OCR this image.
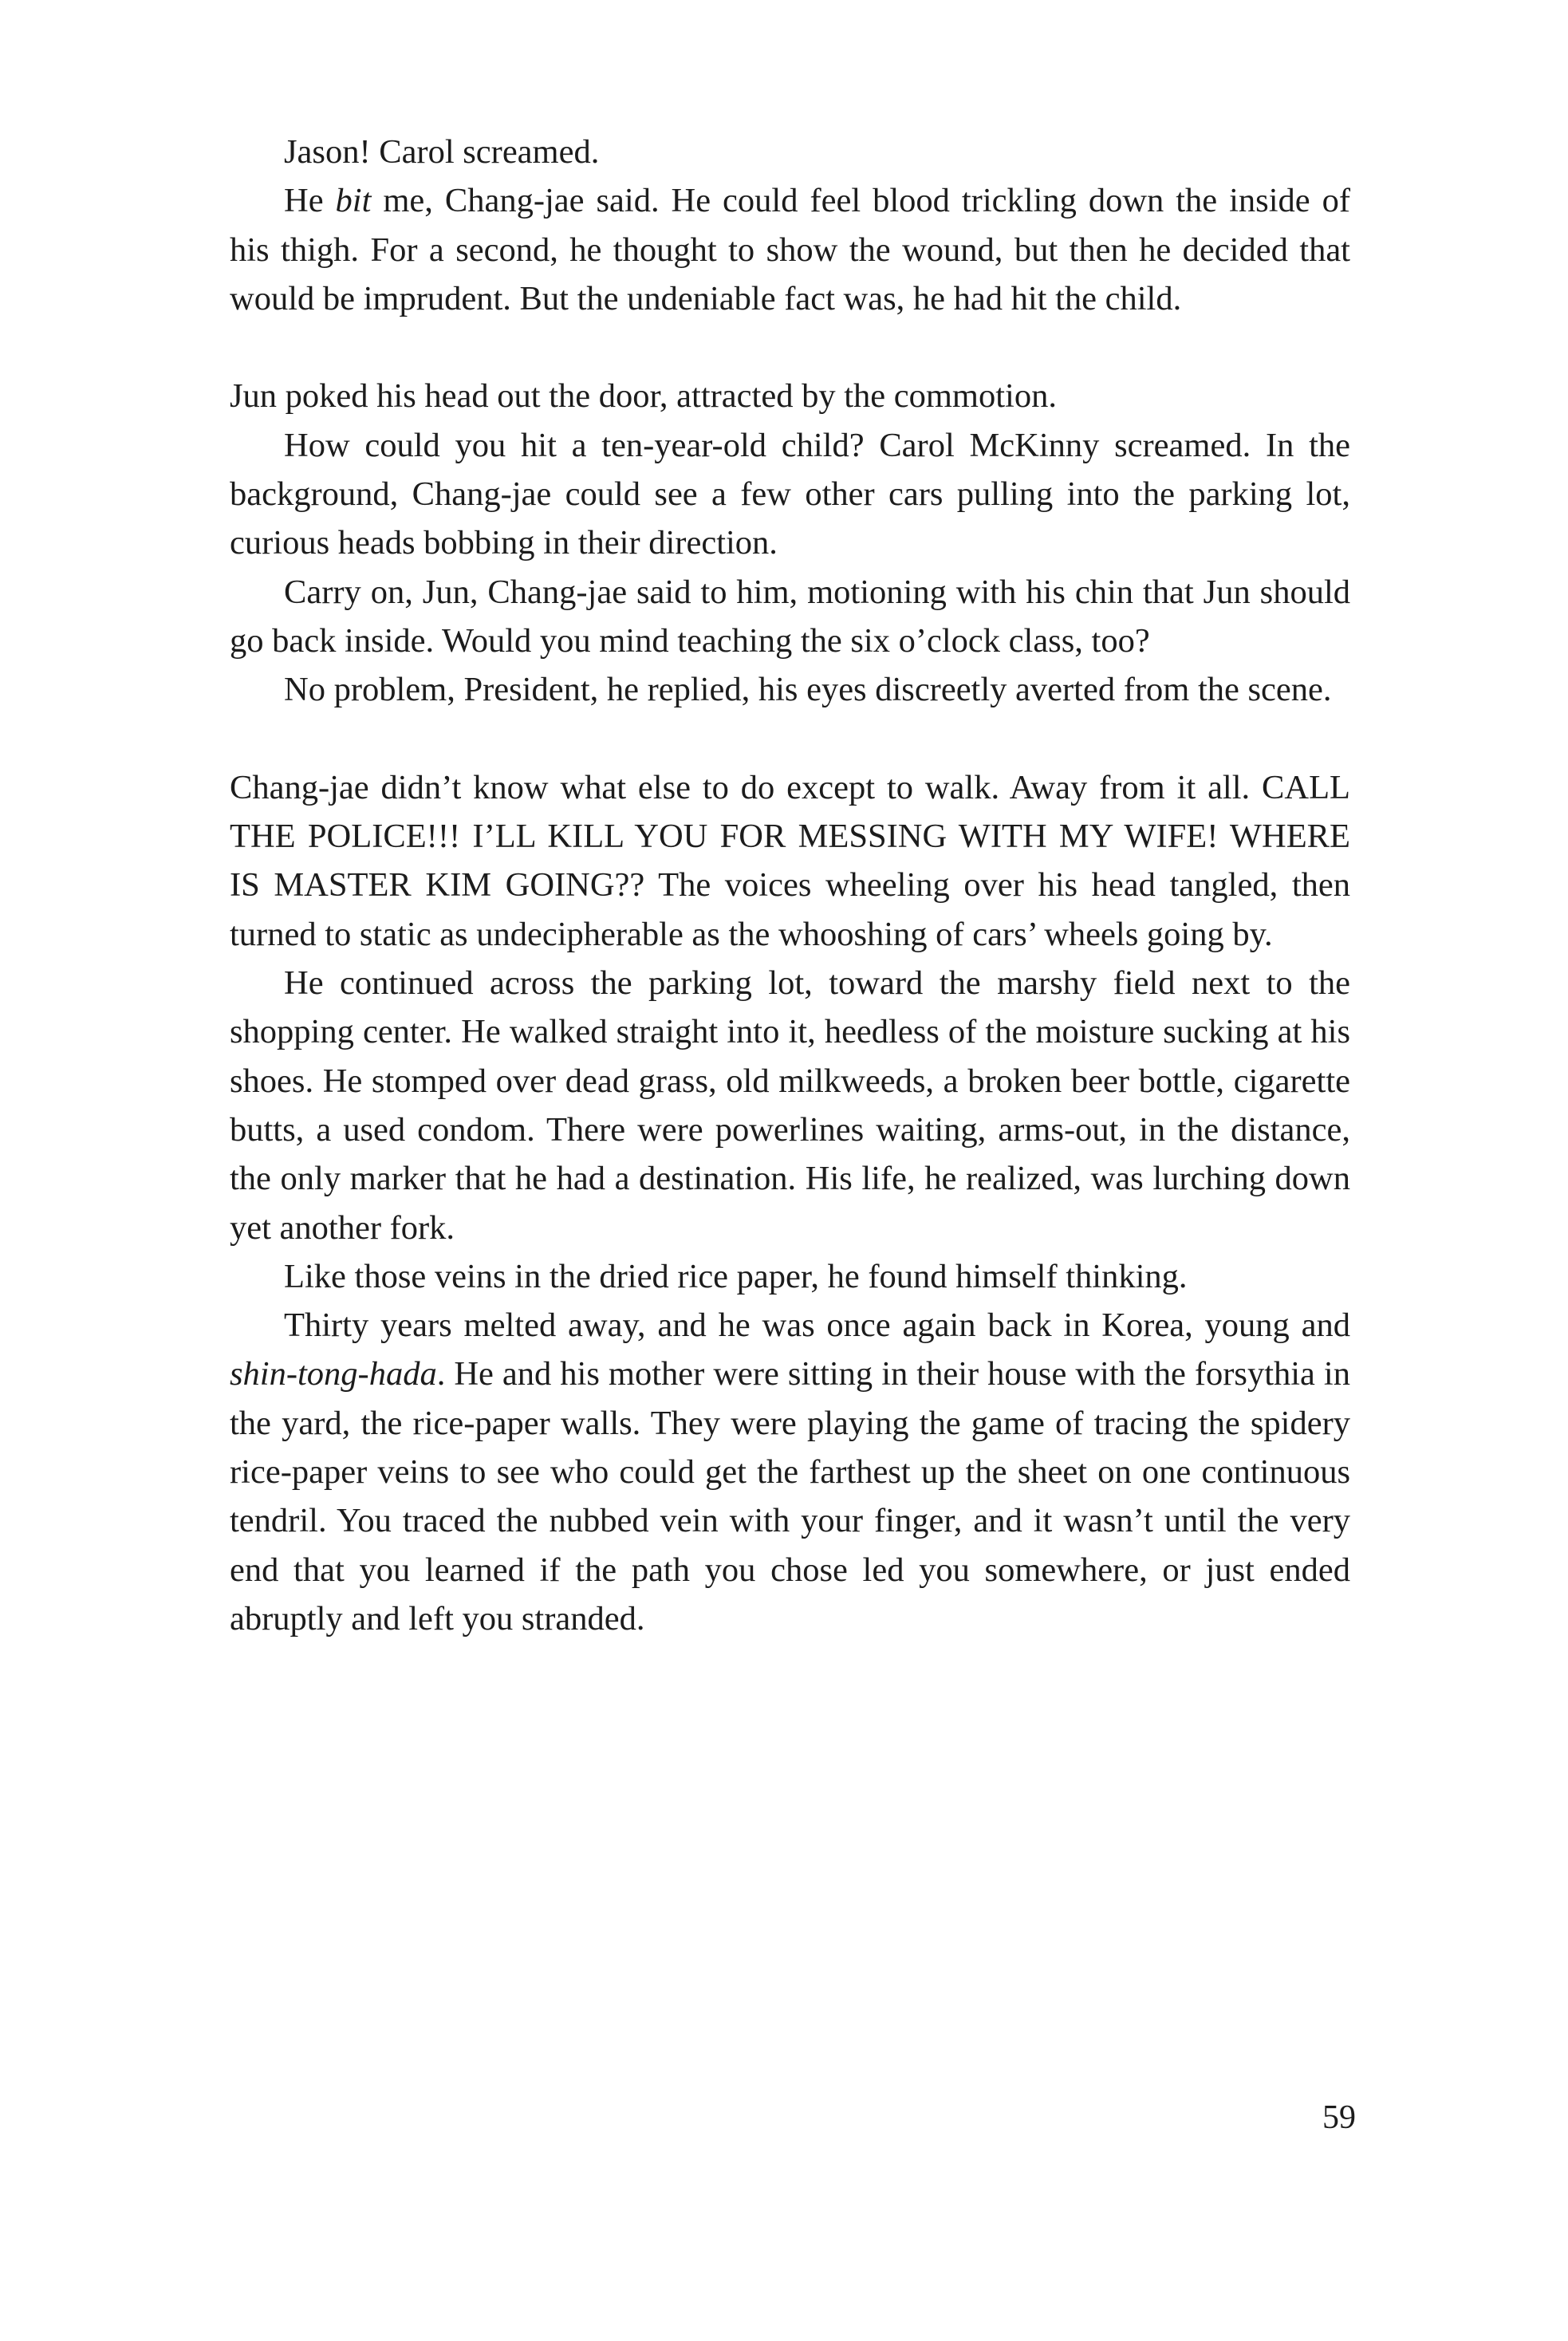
Jason! Carol screamed.

He bit me, Chang-jae said. He could feel blood trickling down the inside of his thigh. For a second, he thought to show the wound, but then he decided that would be imprudent. But the undeniable fact was, he had hit the child.

Jun poked his head out the door, attracted by the commotion.

How could you hit a ten-year-old child? Carol McKinny screamed. In the background, Chang-jae could see a few other cars pulling into the parking lot, curious heads bobbing in their direction.

Carry on, Jun, Chang-jae said to him, motioning with his chin that Jun should go back inside. Would you mind teaching the six o’clock class, too?

No problem, President, he replied, his eyes discreetly averted from the scene.

Chang-jae didn’t know what else to do except to walk. Away from it all. CALL THE POLICE!!! I’LL KILL YOU FOR MESSING WITH MY WIFE! WHERE IS MASTER KIM GOING?? The voices wheeling over his head tangled, then turned to static as undecipherable as the whooshing of cars’ wheels going by.

He continued across the parking lot, toward the marshy field next to the shopping center. He walked straight into it, heedless of the moisture sucking at his shoes. He stomped over dead grass, old milkweeds, a broken beer bottle, cigarette butts, a used condom. There were powerlines waiting, arms-out, in the distance, the only marker that he had a destination. His life, he realized, was lurching down yet another fork.

Like those veins in the dried rice paper, he found himself thinking.

Thirty years melted away, and he was once again back in Korea, young and shin-tong-hada. He and his mother were sitting in their house with the forsythia in the yard, the rice-paper walls. They were playing the game of tracing the spidery rice-paper veins to see who could get the farthest up the sheet on one continuous tendril. You traced the nubbed vein with your finger, and it wasn’t until the very end that you learned if the path you chose led you somewhere, or just ended abruptly and left you stranded.

59
